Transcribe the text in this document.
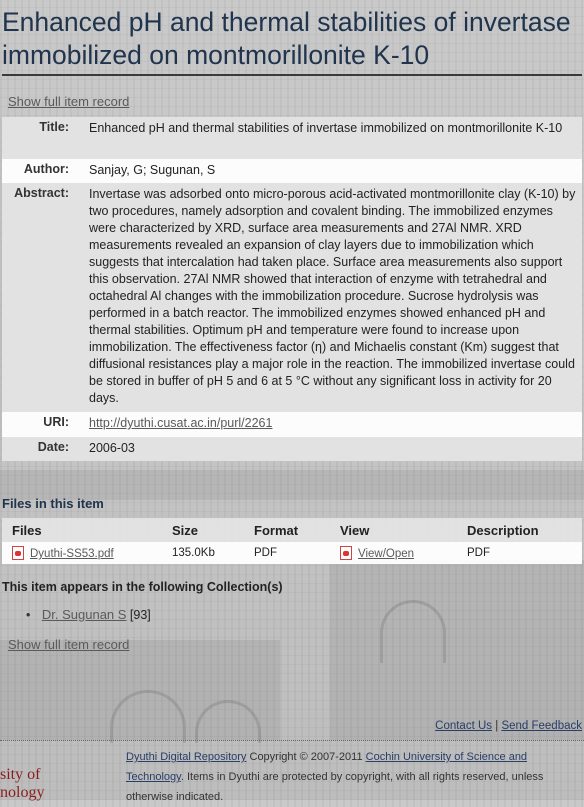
Enhanced pH and thermal stabilities of invertase immobilized on montmorillonite K-10
Show full item record
Title:	Enhanced pH and thermal stabilities of invertase immobilized on montmorillonite K-10
Author:	Sanjay, G; Sugunan, S
Abstract:	Invertase was adsorbed onto micro-porous acid-activated montmorillonite clay (K-10) by two procedures, namely adsorption and covalent binding. The immobilized enzymes were characterized by XRD, surface area measurements and 27Al NMR. XRD measurements revealed an expansion of clay layers due to immobilization which suggests that intercalation had taken place. Surface area measurements also support this observation. 27Al NMR showed that interaction of enzyme with tetrahedral and octahedral Al changes with the immobilization procedure. Sucrose hydrolysis was performed in a batch reactor. The immobilized enzymes showed enhanced pH and thermal stabilities. Optimum pH and temperature were found to increase upon immobilization. The effectiveness factor (η) and Michaelis constant (Km) suggest that diffusional resistances play a major role in the reaction. The immobilized invertase could be stored in buffer of pH 5 and 6 at 5 °C without any significant loss in activity for 20 days.
URI:	http://dyuthi.cusat.ac.in/purl/2261
Date:	2006-03
Files in this item
Files	Size	Format	View	Description
Dyuthi-SS53.pdf	135.0Kb	PDF	View/Open	PDF
This item appears in the following Collection(s)
• Dr. Sugunan S [93]
Show full item record
Contact Us | Send Feedback
sity of
nology
Dyuthi Digital Repository Copyright © 2007-2011 Cochin University of Science and Technology. Items in Dyuthi are protected by copyright, with all rights reserved, unless otherwise indicated.
